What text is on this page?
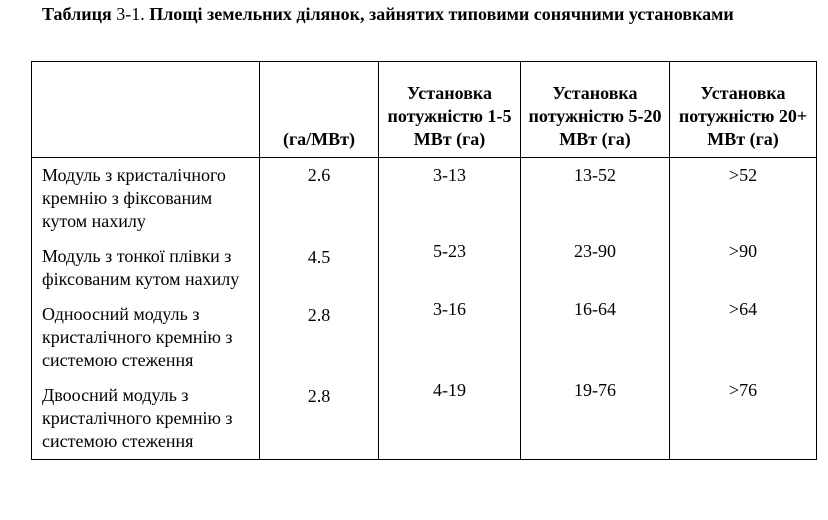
Таблиця 3-1. Площі земельних ділянок, зайнятих типовими сонячними установками
	(га/МВт)	Установка потужністю 1-5 МВт (га)	Установка потужністю 5-20 МВт (га)	Установка потужністю 20+ МВт (га)
Модуль з кристалічного кремнію з фіксованим кутом нахилу	2.6	3-13	13-52	>52
Модуль з тонкої плівки з фіксованим кутом нахилу	4.5	5-23	23-90	>90
Одноосний модуль з кристалічного кремнію з системою стеження	2.8	3-16	16-64	>64
Двоосний модуль з кристалічного кремнію з системою стеження	2.8	4-19	19-76	>76
